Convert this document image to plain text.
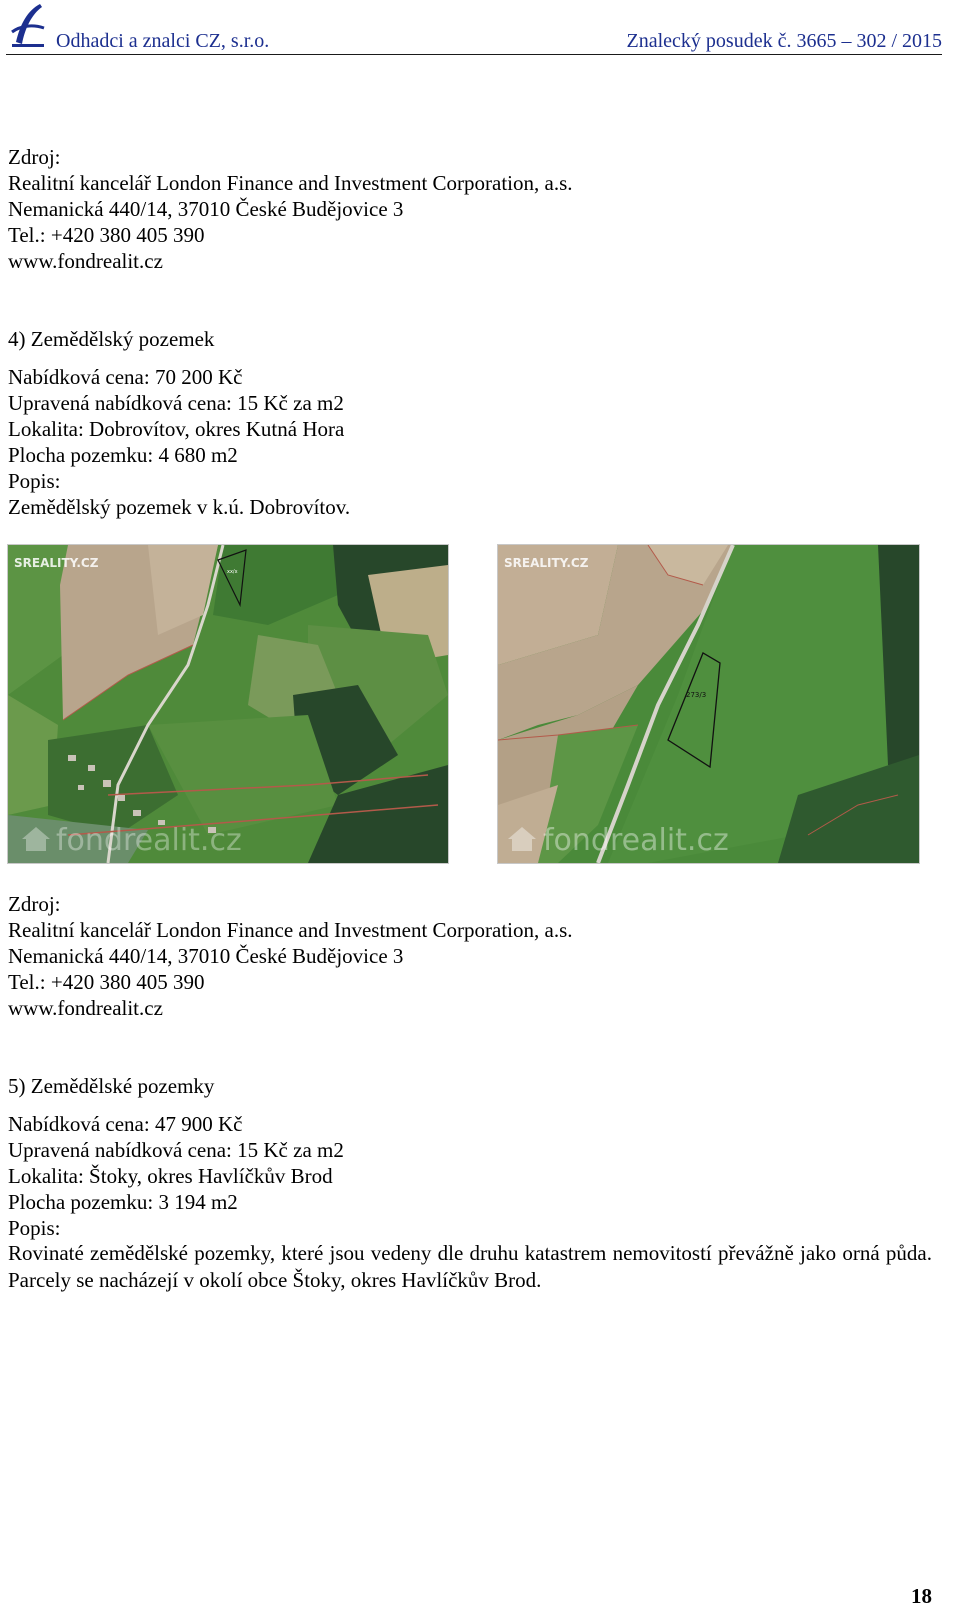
Odhadci a znalci CZ, s.r.o.	Znalecký posudek č. 3665 – 302 / 2015
Zdroj:
Realitní kancelář London Finance and Investment Corporation, a.s.
Nemanická 440/14, 37010 České Budějovice 3
Tel.: +420 380 405 390
www.fondrealit.cz
4) Zemědělský pozemek
Nabídková cena: 70 200 Kč
Upravená nabídková cena: 15 Kč za m2
Lokalita: Dobrovítov, okres Kutná Hora
Plocha pozemku: 4 680 m2
Popis:
Zemědělský pozemek v k.ú. Dobrovítov.
SREALITY.CZ
xx/x
fondrealit.cz
SREALITY.CZ
273/3
fondrealit.cz
Zdroj:
Realitní kancelář London Finance and Investment Corporation, a.s.
Nemanická 440/14, 37010 České Budějovice 3
Tel.: +420 380 405 390
www.fondrealit.cz
5) Zemědělské pozemky
Nabídková cena: 47 900 Kč
Upravená nabídková cena: 15 Kč za m2
Lokalita: Štoky, okres Havlíčkův Brod
Plocha pozemku: 3 194 m2
Popis:
Rovinaté zemědělské pozemky, které jsou vedeny dle druhu katastrem nemovitostí převážně jako orná půda. Parcely se nacházejí v okolí obce Štoky, okres Havlíčkův Brod.
18
